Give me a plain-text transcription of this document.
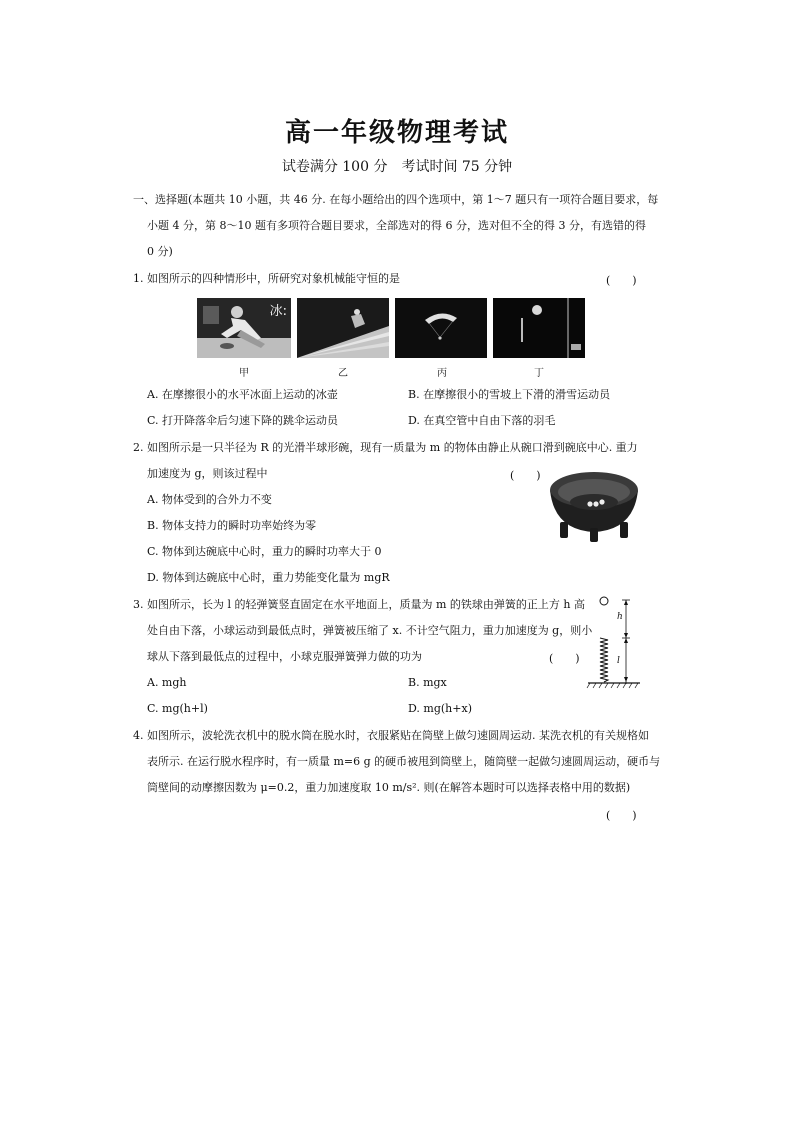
高一年级物理考试
试卷满分 100 分　考试时间 75 分钟
一、选择题(本题共 10 小题，共 46 分. 在每小题给出的四个选项中，第 1～7 题只有一项符合题目要求，每
小题 4 分，第 8～10 题有多项符合题目要求，全部选对的得 6 分，选对但不全的得 3 分，有选错的得
0 分)
1. 如图所示的四种情形中，所研究对象机械能守恒的是	(　　)
冰:
甲	乙	丙	丁
A. 在摩擦很小的水平冰面上运动的冰壶	B. 在摩擦很小的雪坡上下滑的滑雪运动员
C. 打开降落伞后匀速下降的跳伞运动员	D. 在真空管中自由下落的羽毛
2. 如图所示是一只半径为 R 的光滑半球形碗，现有一质量为 m 的物体由静止从碗口滑到碗底中心. 重力
加速度为 g，则该过程中	(　　)
A. 物体受到的合外力不变
B. 物体支持力的瞬时功率始终为零
C. 物体到达碗底中心时，重力的瞬时功率大于 0
D. 物体到达碗底中心时，重力势能变化量为 mgR
3. 如图所示，长为 l 的轻弹簧竖直固定在水平地面上，质量为 m 的铁球由弹簧的正上方 h 高
处自由下落，小球运动到最低点时，弹簧被压缩了 x. 不计空气阻力，重力加速度为 g，则小
球从下落到最低点的过程中，小球克服弹簧弹力做的功为	(　　)
h
l
A. mgh	B. mgx
C. mg(h+l)	D. mg(h+x)
4. 如图所示，波轮洗衣机中的脱水筒在脱水时，衣服紧贴在筒壁上做匀速圆周运动. 某洗衣机的有关规格如
表所示. 在运行脱水程序时，有一质量 m=6 g 的硬币被甩到筒壁上，随筒壁一起做匀速圆周运动，硬币与
筒壁间的动摩擦因数为 μ=0.2，重力加速度取 10 m/s². 则(在解答本题时可以选择表格中用的数据)
(　　)
